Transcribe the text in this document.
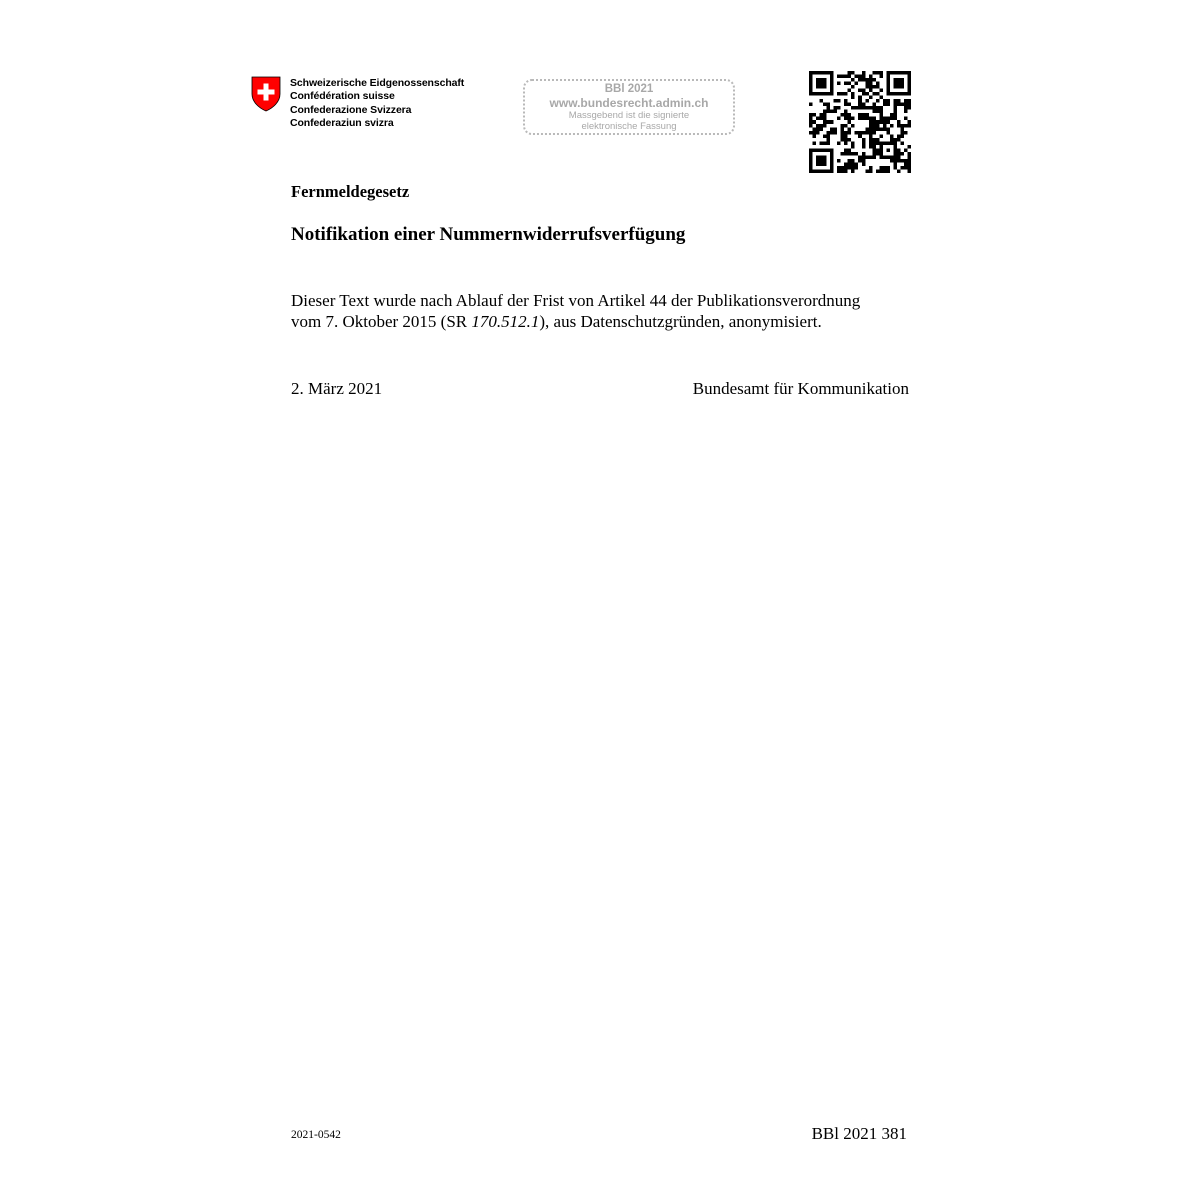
Schweizerische Eidgenossenschaft
Confédération suisse
Confederazione Svizzera
Confederaziun svizra
BBl 2021
www.bundesrecht.admin.ch
Massgebend ist die signierte
elektronische Fassung
Fernmeldegesetz
Notifikation einer Nummernwiderrufsverfügung
Dieser Text wurde nach Ablauf der Frist von Artikel 44 der Publikationsverordnung
vom 7. Oktober 2015 (SR 170.512.1), aus Datenschutzgründen, anonymisiert.
2. März 2021	Bundesamt für Kommunikation
2021-0542	BBl 2021 381
